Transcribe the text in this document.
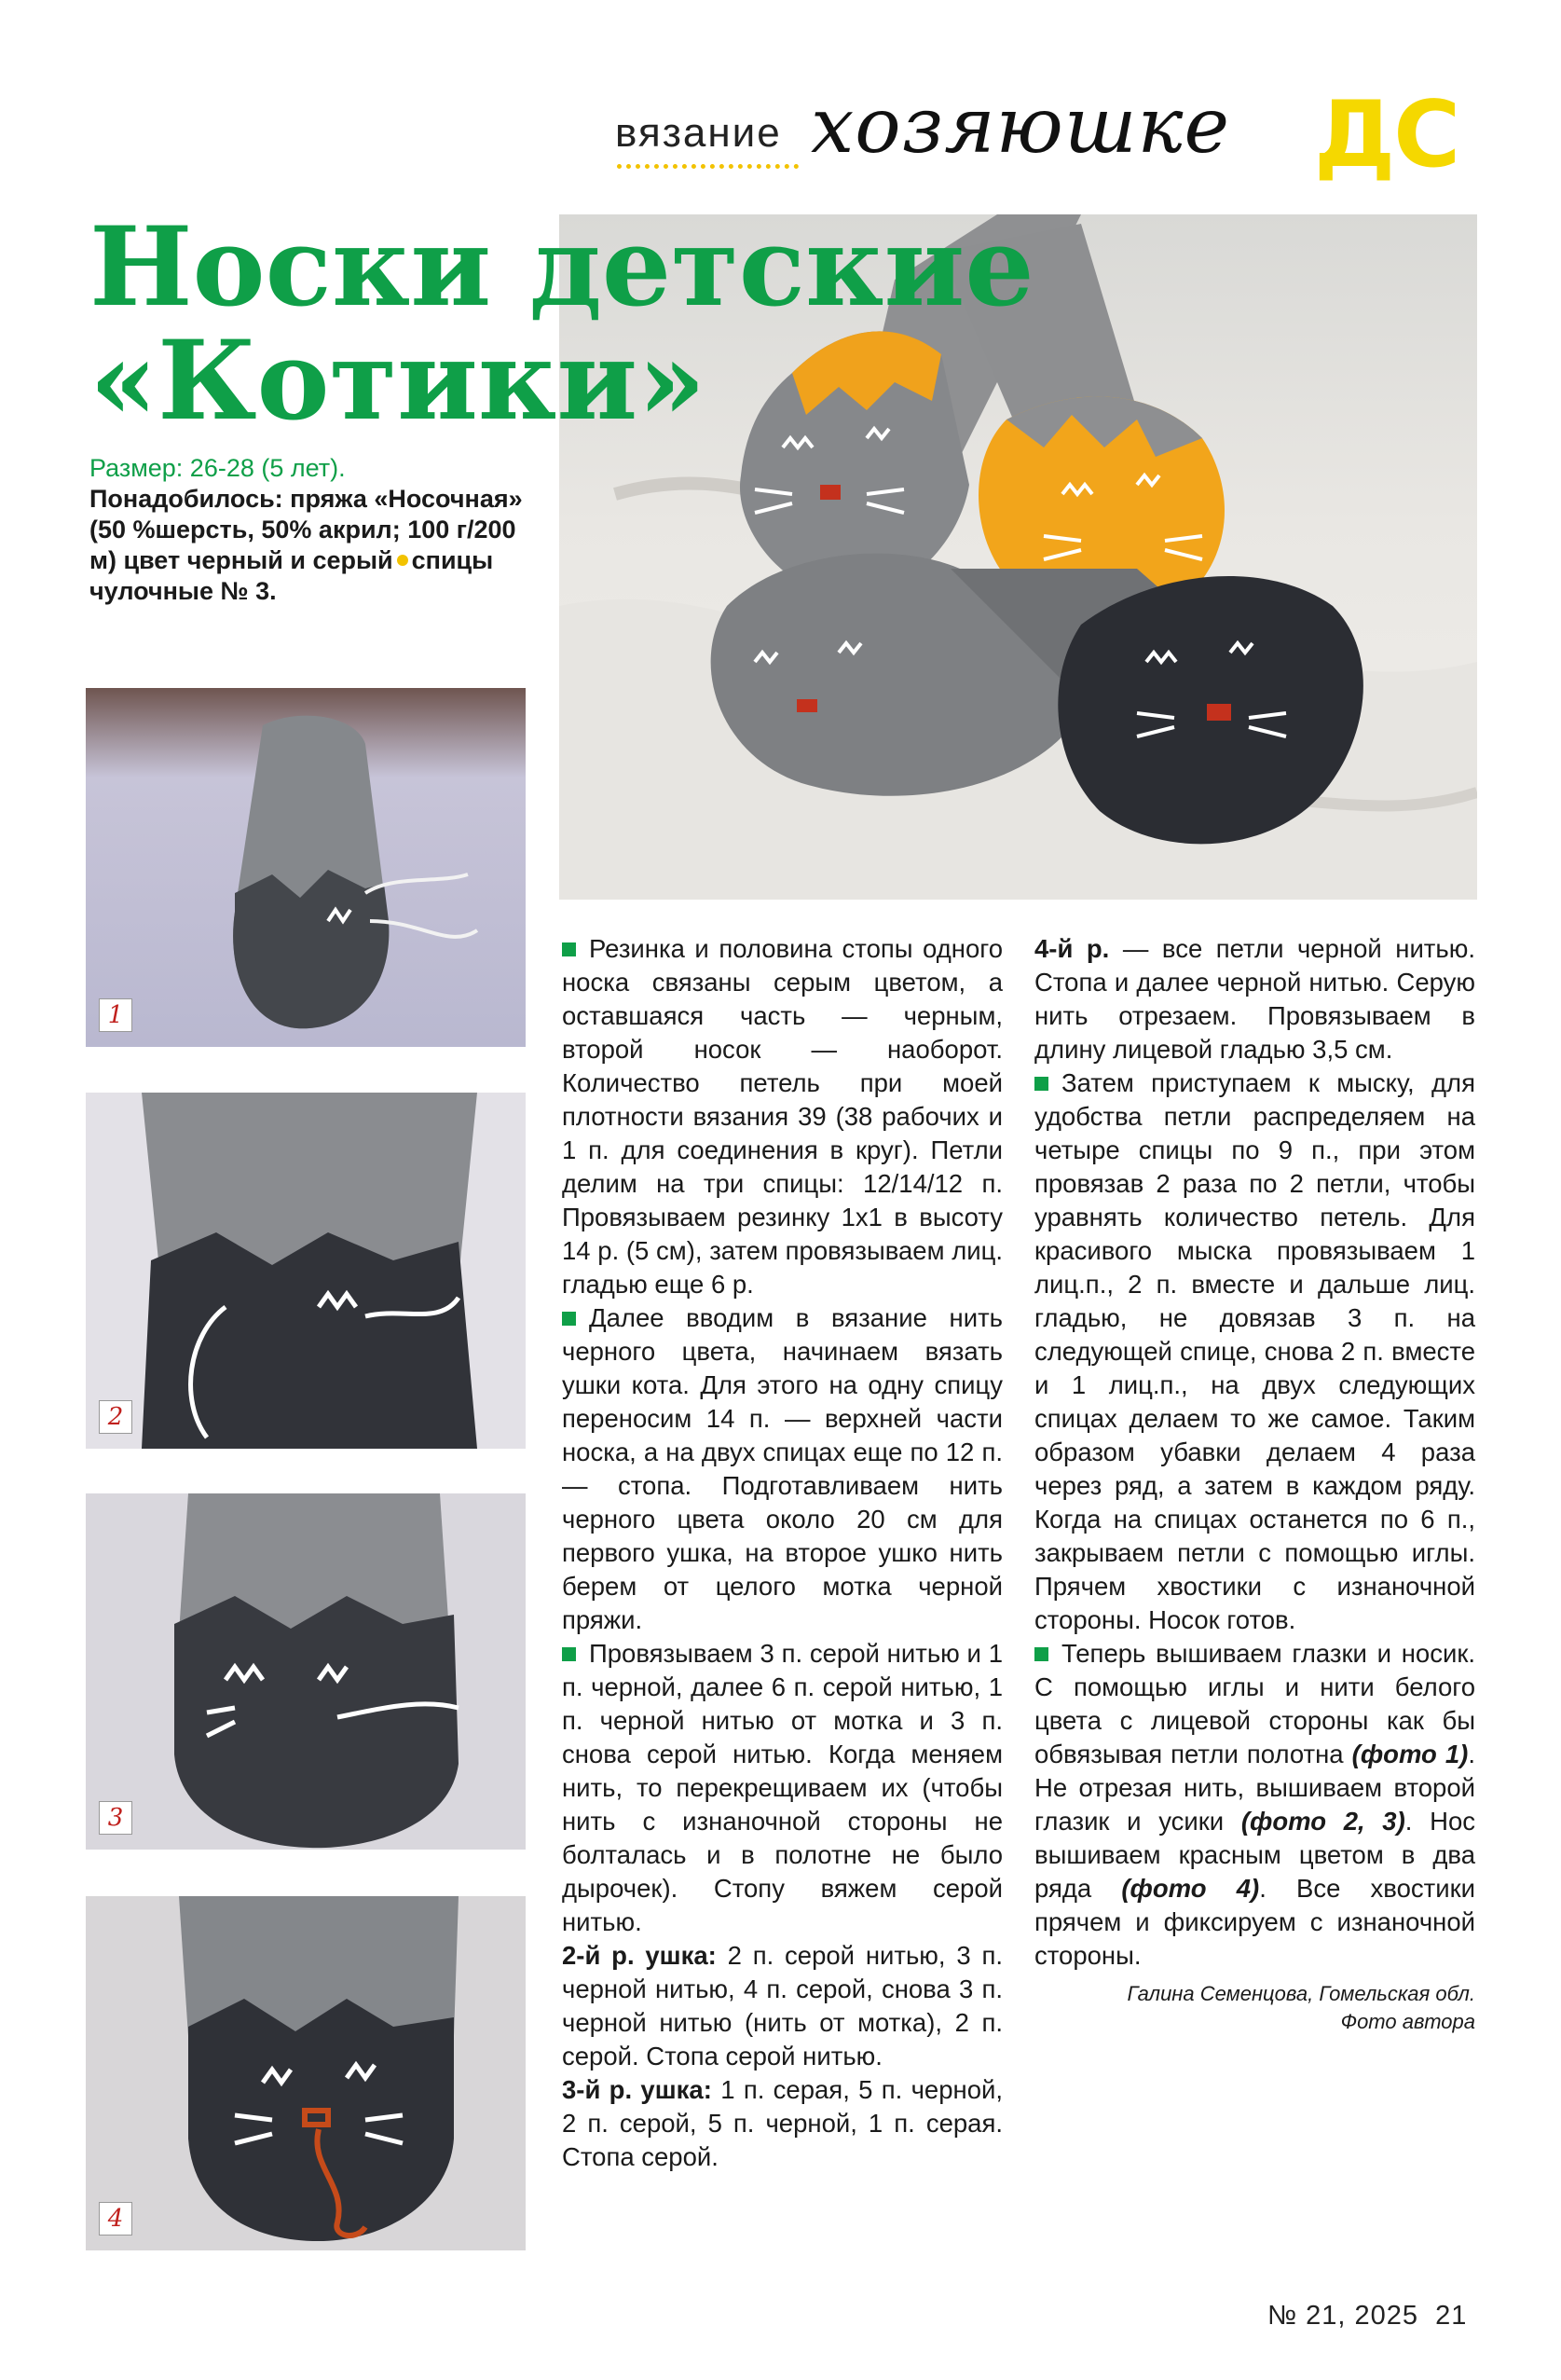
вязание хозяюшке ДС
Носки детские
«Котики»
Размер: 26-28 (5 лет).
Понадобилось: пряжа «Носочная» (50 %шерсть, 50% акрил; 100 г/200 м) цвет черный и серый спицы чулочные № 3.
1
2
3
4

Резинка и половина стопы одного носка связаны серым цветом, а оставшаяся часть — черным, второй носок — наоборот. Количество петель при моей плотности вязания 39 (38 рабочих и 1 п. для соединения в круг). Петли делим на три спицы: 12/14/12 п. Провязываем резинку 1х1 в высоту 14 р. (5 см), затем провязываем лиц. гладью еще 6 р.

Далее вводим в вязание нить черного цвета, начинаем вязать ушки кота. Для этого на одну спицу переносим 14 п. — верхней части носка, а на двух спицах еще по 12 п. — стопа. Подготавливаем нить черного цвета около 20 см для первого ушка, на второе ушко нить берем от целого мотка черной пряжи.

Провязываем 3 п. серой нитью и 1 п. черной, далее 6 п. серой нитью, 1 п. черной нитью от мотка и 3 п. снова серой нитью. Когда меняем нить, то перекрещиваем их (чтобы нить с изнаночной стороны не болталась и в полотне не было дырочек). Стопу вяжем серой нитью.

2-й р. ушка: 2 п. серой нитью, 3 п. черной нитью, 4 п. серой, снова 3 п. черной нитью (нить от мотка), 2 п. серой. Стопа серой нитью.

3-й р. ушка: 1 п. серая, 5 п. черной, 2 п. серой, 5 п. черной, 1 п. серая. Стопа серой.

4-й р. — все петли черной нитью. Стопа и далее черной нитью. Серую нить отрезаем. Провязываем в длину лицевой гладью 3,5 см.

Затем приступаем к мыску, для удобства петли распределяем на четыре спицы по 9 п., при этом провязав 2 раза по 2 петли, чтобы уравнять количество петель. Для красивого мыска провязываем 1 лиц.п., 2 п. вместе и дальше лиц. гладью, не довязав 3 п. на следующей спице, снова 2 п. вместе и 1 лиц.п., на двух следующих спицах делаем то же самое. Таким образом убавки делаем 4 раза через ряд, а затем в каждом ряду. Когда на спицах останется по 6 п., закрываем петли с помощью иглы. Прячем хвостики с изнаночной стороны. Носок готов.

Теперь вышиваем глазки и носик. С помощью иглы и нити белого цвета с лицевой стороны как бы обвязывая петли полотна (фото 1). Не отрезая нить, вышиваем второй глазик и усики (фото 2, 3). Нос вышиваем красным цветом в два ряда (фото 4). Все хвостики прячем и фиксируем с изнаночной стороны.

Галина Семенцова, Гомельская обл.
Фото автора
№ 21, 2025 21
